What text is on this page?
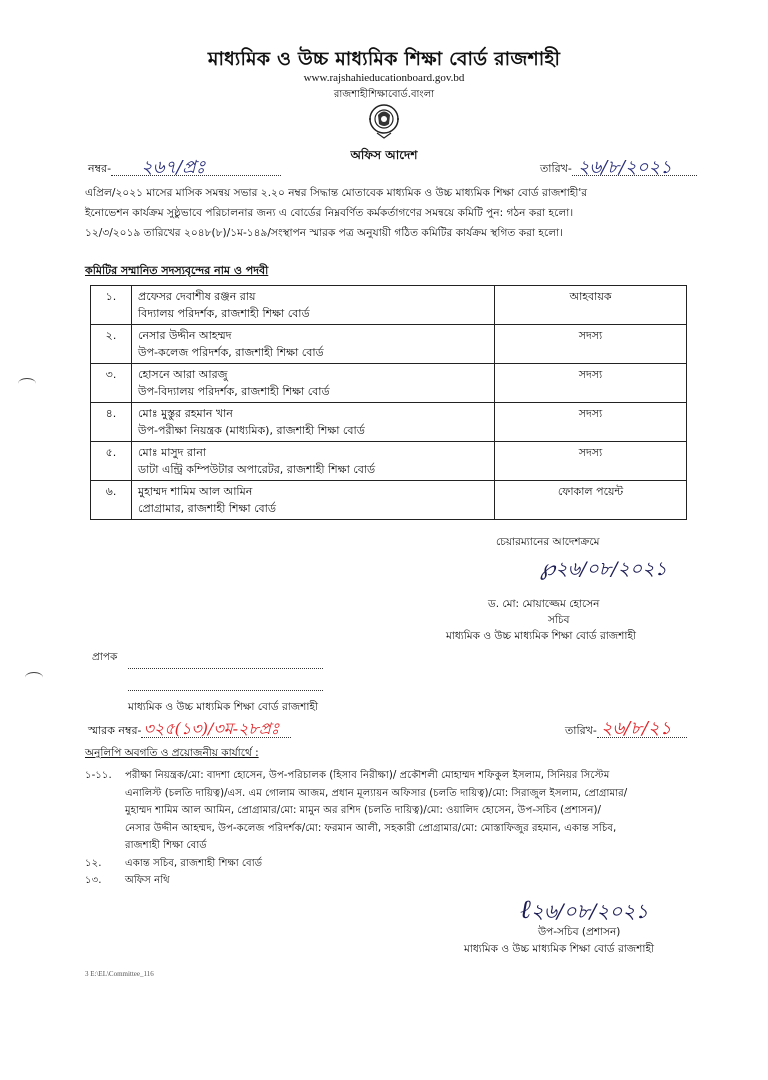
মাধ্যমিক ও উচ্চ মাধ্যমিক শিক্ষা বোর্ড রাজশাহী
www.rajshahieducationboard.gov.bd
রাজশাহীশিক্ষাবোর্ড.বাংলা
অফিস আদেশ
নম্বর- ২৬৭/প্রঃ
	তারিখ- ২৬/৮/২০২১

এপ্রিল/২০২১ মাসের মাসিক সমন্বয় সভার ২.২০ নম্বর সিদ্ধান্ত মোতাবেক মাধ্যমিক ও উচ্চ মাধ্যমিক শিক্ষা বোর্ড রাজশাহী'র
ইনোভেশন কার্যক্রম সুষ্ঠুভাবে পরিচালনার জন্য এ বোর্ডের নিম্নবর্ণিত কর্মকর্তাগণের সমন্বয়ে কমিটি পুন: গঠন করা হলো।
১২/৩/২০১৯ তারিখের ২০৪৮(৮)/১ম-১৪৯/সংস্থাপন স্মারক পত্র অনুযায়ী গঠিত কমিটির কার্যক্রম স্থগিত করা হলো।
কমিটির সম্মানিত সদস্যবৃন্দের নাম ও পদবী
১.	প্রফেসর দেবাশীষ রঞ্জন রায়
বিদ্যালয় পরিদর্শক, রাজশাহী শিক্ষা বোর্ড	আহবায়ক
২.	নেসার উদ্দীন আহম্মদ
উপ-কলেজ পরিদর্শক, রাজশাহী শিক্ষা বোর্ড	সদস্য
৩.	হোসনে আরা আরজু
উপ-বিদ্যালয় পরিদর্শক, রাজশাহী শিক্ষা বোর্ড	সদস্য
৪.	মোঃ মুস্তুর রহমান খান
উপ-পরীক্ষা নিয়ন্ত্রক (মাধ্যমিক), রাজশাহী শিক্ষা বোর্ড	সদস্য
৫.	মোঃ মাসুদ রানা
ডাটা এন্ট্রি কম্পিউটার অপারেটর, রাজশাহী শিক্ষা বোর্ড	সদস্য
৬.	মুহাম্মদ শামিম আল আমিন
প্রোগ্রামার, রাজশাহী শিক্ষা বোর্ড	ফোকাল পয়েন্ট
চেয়ারম্যানের আদেশক্রমে
℘২৬/০৮/২০২১
ড. মো: মোয়াজ্জেম হোসেন
সচিব
মাধ্যমিক ও উচ্চ মাধ্যমিক শিক্ষা বোর্ড রাজশাহী
প্রাপক
মাধ্যমিক ও উচ্চ মাধ্যমিক শিক্ষা বোর্ড রাজশাহী
স্মারক নম্বর- ৩২৫(১৩)/৩ম-২৮প্রঃ
	তারিখ- ২৬/৮/২১

অনুলিপি অবগতি ও প্রয়োজনীয় কার্যার্থে :
১-১১.	পরীক্ষা নিয়ন্ত্রক/মো: বাদশা হোসেন, উপ-পরিচালক (হিসাব নিরীক্ষা)/ প্রকৌশলী মোহাম্মদ শফিকুল ইসলাম, সিনিয়র সিস্টেম
এনালিস্ট (চলতি দায়িত্ব)/এস. এম গোলাম আজম, প্রধান মূল্যায়ন অফিসার (চলতি দায়িত্ব)/মো: সিরাজুল ইসলাম, প্রোগ্রামার/
মুহাম্মদ শামিম আল আমিন, প্রোগ্রামার/মো: মামুন অর রশিদ (চলতি দায়িত্ব)/মো: ওয়ালিদ হোসেন, উপ-সচিব (প্রশাসন)/
নেসার উদ্দীন আহম্মদ, উপ-কলেজ পরিদর্শক/মো: ফরমান আলী, সহকারী প্রোগ্রামার/মো: মোস্তাফিজুর রহমান, একান্ত সচিব,
রাজশাহী শিক্ষা বোর্ড
১২.	একান্ত সচিব, রাজশাহী শিক্ষা বোর্ড
১৩.	অফিস নথি
ℓ২৬/০৮/২০২১
উপ-সচিব (প্রশাসন)
মাধ্যমিক ও উচ্চ মাধ্যমিক শিক্ষা বোর্ড রাজশাহী
3 E:\EL\Committee_116
